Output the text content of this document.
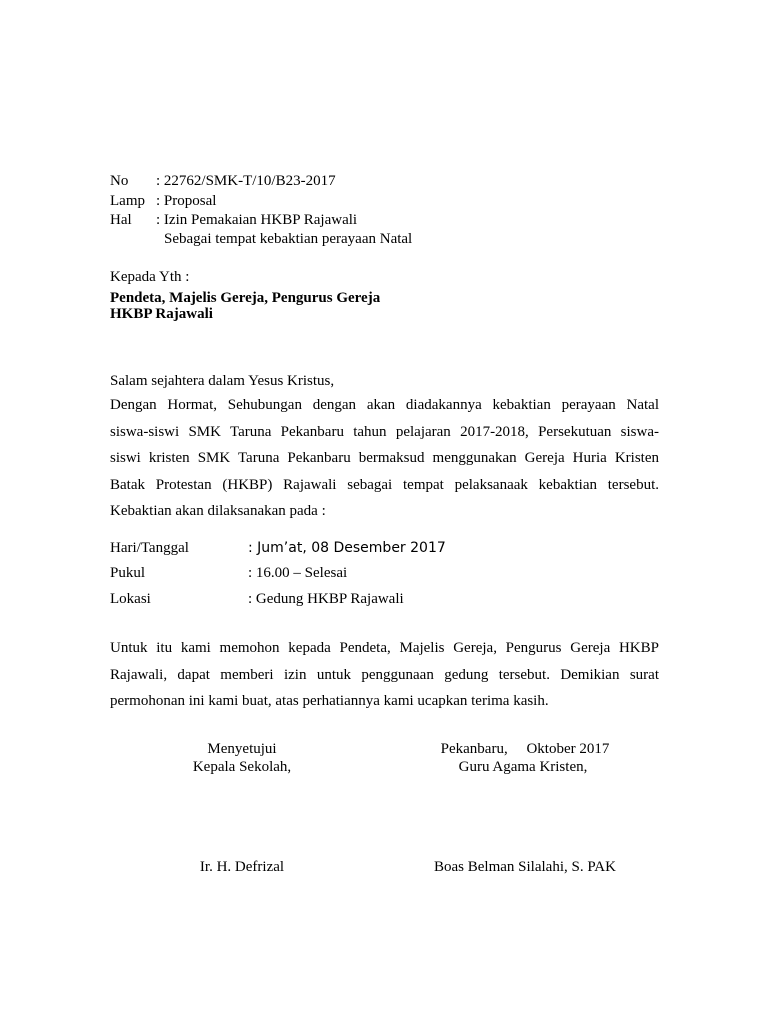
No : 22762/SMK-T/10/B23-2017
Lamp : Proposal
Hal : Izin Pemakaian HKBP Rajawali
Sebagai tempat kebaktian perayaan Natal
Kepada Yth :
Pendeta, Majelis Gereja, Pengurus Gereja
HKBP Rajawali
Salam sejahtera dalam Yesus Kristus,
Dengan Hormat, Sehubungan dengan akan diadakannya kebaktian perayaan Natal
siswa-siswi SMK Taruna Pekanbaru tahun pelajaran 2017-2018, Persekutuan siswa-
siswi kristen SMK Taruna Pekanbaru bermaksud menggunakan Gereja Huria Kristen
Batak Protestan (HKBP) Rajawali sebagai tempat pelaksanaak kebaktian tersebut.
Kebaktian akan dilaksanakan pada :
Hari/Tanggal	: Jum’at, 08 Desember 2017
Pukul	: 16.00 – Selesai
Lokasi	: Gedung HKBP Rajawali
Untuk itu kami memohon kepada Pendeta, Majelis Gereja, Pengurus Gereja HKBP
Rajawali, dapat memberi izin untuk penggunaan gedung tersebut. Demikian surat
permohonan ini kami buat, atas perhatiannya kami ucapkan terima kasih.
Menyetujui
Kepala Sekolah,
Ir. H. Defrizal
Pekanbaru,     Oktober 2017
Guru Agama Kristen,
Boas Belman Silalahi, S. PAK
